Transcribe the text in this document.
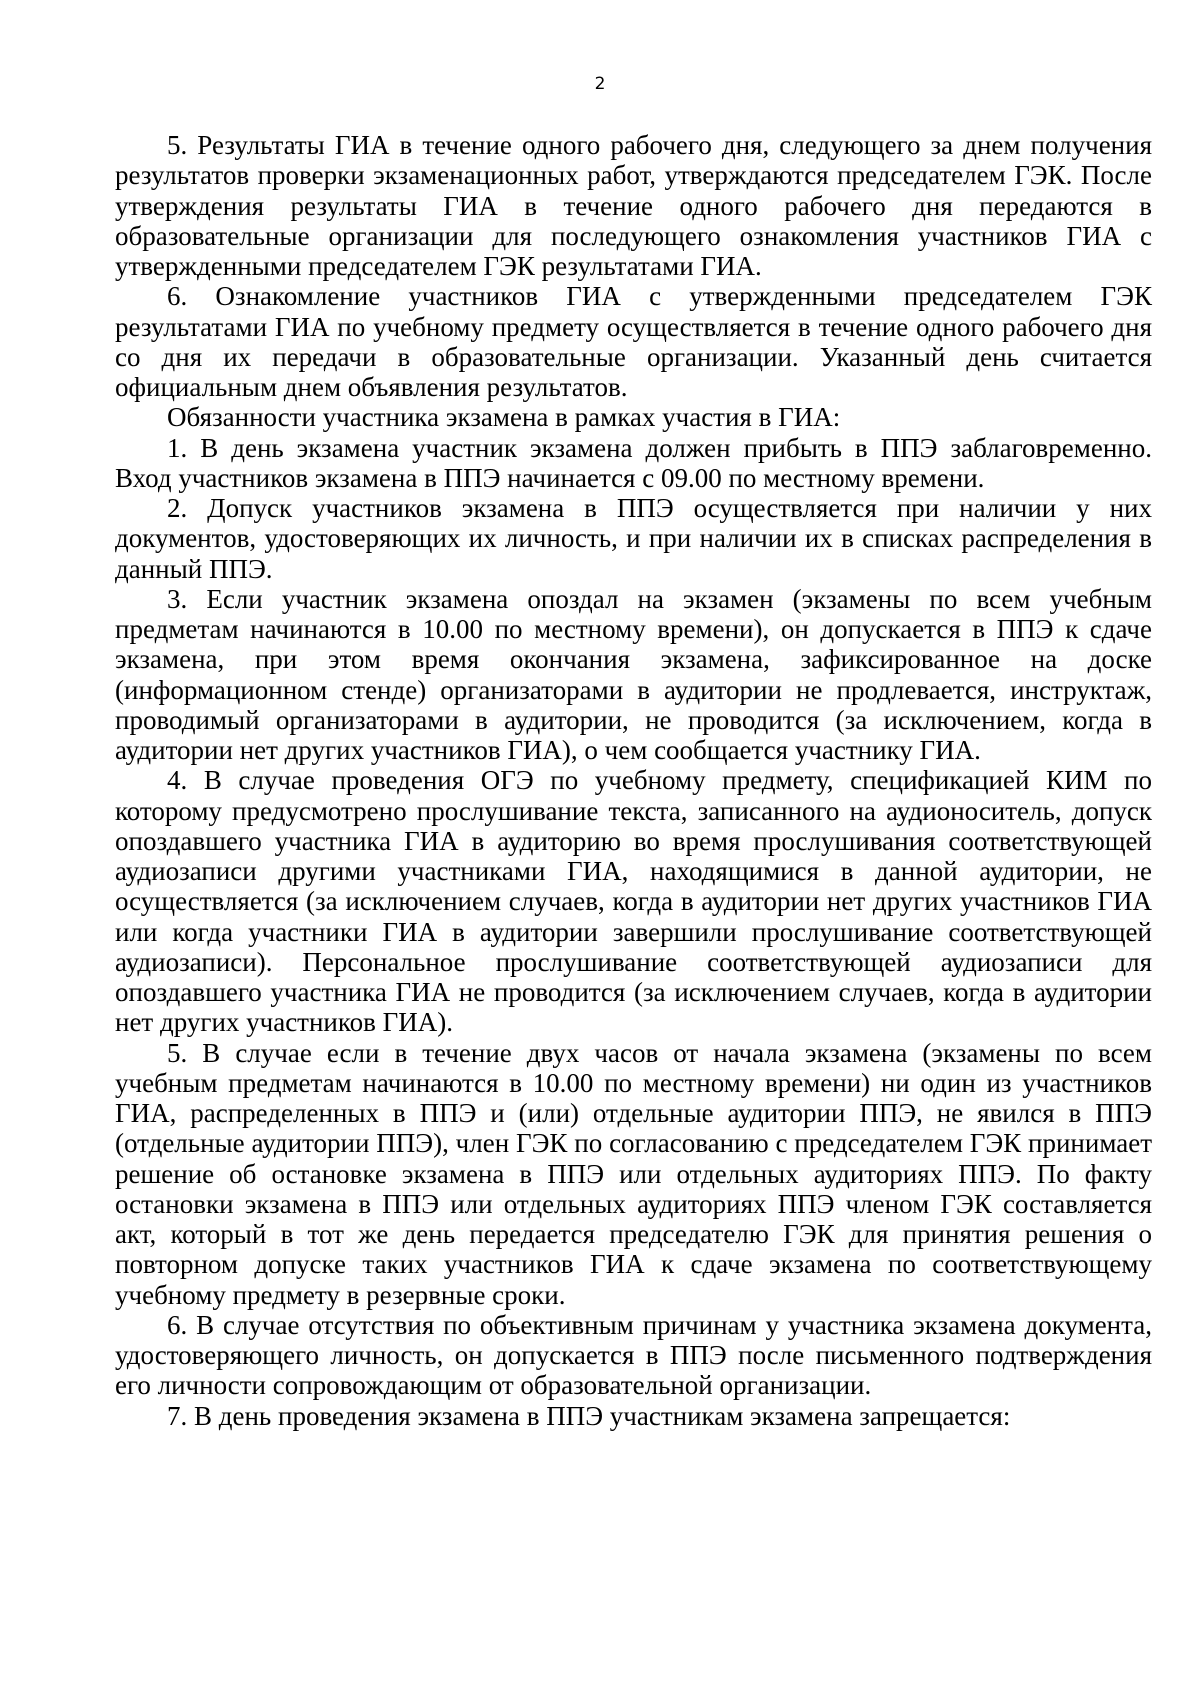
2

5. Результаты ГИА в течение одного рабочего дня, следующего за днем получения результатов проверки экзаменационных работ, утверждаются председателем ГЭК. После утверждения результаты ГИА в течение одного рабочего дня передаются в образовательные организации для последующего ознакомления участников ГИА с утвержденными председателем ГЭК результатами ГИА.

6. Ознакомление участников ГИА с утвержденными председателем ГЭК результатами ГИА по учебному предмету осуществляется в течение одного рабочего дня со дня их передачи в образовательные организации. Указанный день считается официальным днем объявления результатов.

Обязанности участника экзамена в рамках участия в ГИА:

1. В день экзамена участник экзамена должен прибыть в ППЭ заблаговременно. Вход участников экзамена в ППЭ начинается с 09.00 по местному времени.

2. Допуск участников экзамена в ППЭ осуществляется при наличии у них документов, удостоверяющих их личность, и при наличии их в списках распределения в данный ППЭ.

3. Если участник экзамена опоздал на экзамен (экзамены по всем учебным предметам начинаются в 10.00 по местному времени), он допускается в ППЭ к сдаче экзамена, при этом время окончания экзамена, зафиксированное на доске (информационном стенде) организаторами в аудитории не продлевается, инструктаж, проводимый организаторами в аудитории, не проводится (за исключением, когда в аудитории нет других участников ГИА), о чем сообщается участнику ГИА.

4. В случае проведения ОГЭ по учебному предмету, спецификацией КИМ по которому предусмотрено прослушивание текста, записанного на аудионоситель, допуск опоздавшего участника ГИА в аудиторию во время прослушивания соответствующей аудиозаписи другими участниками ГИА, находящимися в данной аудитории, не осуществляется (за исключением случаев, когда в аудитории нет других участников ГИА или когда участники ГИА в аудитории завершили прослушивание соответствующей аудиозаписи). Персональное прослушивание соответствующей аудиозаписи для опоздавшего участника ГИА не проводится (за исключением случаев, когда в аудитории нет других участников ГИА).

5. В случае если в течение двух часов от начала экзамена (экзамены по всем учебным предметам начинаются в 10.00 по местному времени) ни один из участников ГИА, распределенных в ППЭ и (или) отдельные аудитории ППЭ, не явился в ППЭ (отдельные аудитории ППЭ), член ГЭК по согласованию с председателем ГЭК принимает решение об остановке экзамена в ППЭ или отдельных аудиториях ППЭ. По факту остановки экзамена в ППЭ или отдельных аудиториях ППЭ членом ГЭК составляется акт, который в тот же день передается председателю ГЭК для принятия решения о повторном допуске таких участников ГИА к сдаче экзамена по соответствующему учебному предмету в резервные сроки.

6. В случае отсутствия по объективным причинам у участника экзамена документа, удостоверяющего личность, он допускается в ППЭ после письменного подтверждения его личности сопровождающим от образовательной организации.

7. В день проведения экзамена в ППЭ участникам экзамена запрещается:
